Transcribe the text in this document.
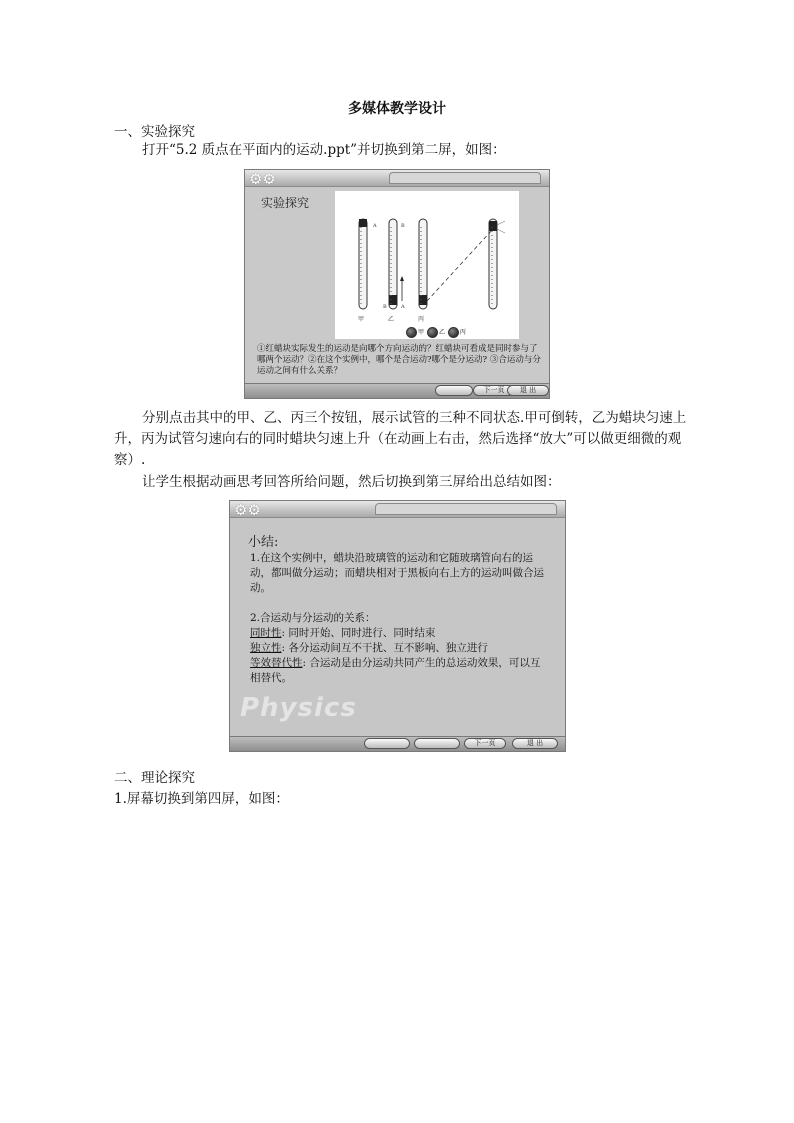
多媒体教学设计
一、实验探究
打开“5.2 质点在平面内的运动.ppt”并切换到第二屏，如图：
⚙⚙
实验探究
A	B
B	A
甲	乙	丙
甲 乙 丙
①红蜡块实际发生的运动是向哪个方向运动的？红蜡块可看成是同时参与了哪两个运动？②在这个实例中，哪个是合运动?哪个是分运动? ③合运动与分运动之间有什么关系？
下一页	退 出
分别点击其中的甲、乙、丙三个按钮，展示试管的三种不同状态.甲可倒转，乙为蜡块匀速上升，丙为试管匀速向右的同时蜡块匀速上升（在动画上右击，然后选择“放大”可以做更细微的观察）.
让学生根据动画思考回答所给问题，然后切换到第三屏给出总结如图：
⚙⚙
小结:
Physics
1.在这个实例中，蜡块沿玻璃管的运动和它随玻璃管向右的运动，都叫做分运动；而蜡块相对于黑板向右上方的运动叫做合运动。
2.合运动与分运动的关系：
同时性: 同时开始、同时进行、同时结束
独立性: 各分运动间互不干扰、互不影响、独立进行
等效替代性: 合运动是由分运动共同产生的总运动效果，可以互相替代。
下一页	退 出
二、理论探究
1.屏幕切换到第四屏，如图：
